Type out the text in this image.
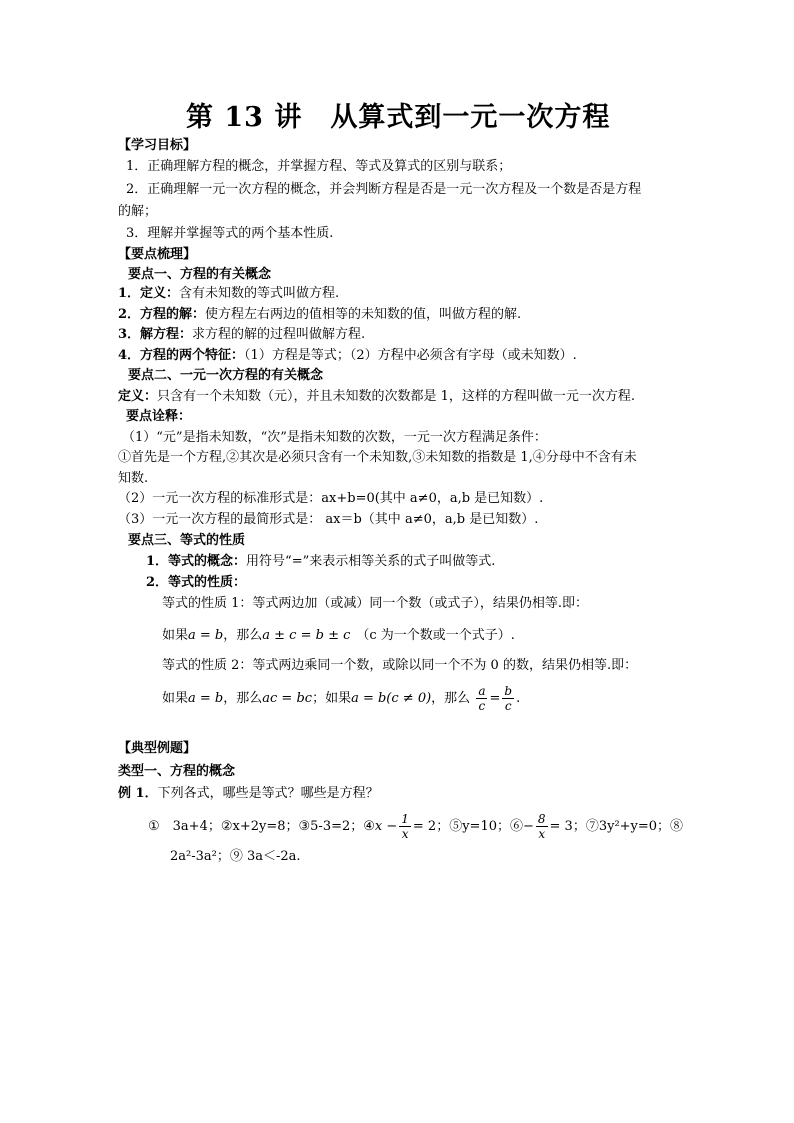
第 13 讲　从算式到一元一次方程
【学习目标】
1．正确理解方程的概念，并掌握方程、等式及算式的区别与联系；
2．正确理解一元一次方程的概念，并会判断方程是否是一元一次方程及一个数是否是方程
的解；
3．理解并掌握等式的两个基本性质.
【要点梳理】
要点一、方程的有关概念
1．定义：含有未知数的等式叫做方程.
2．方程的解：使方程左右两边的值相等的未知数的值，叫做方程的解.
3．解方程：求方程的解的过程叫做解方程.
4．方程的两个特征：（1）方程是等式；（2）方程中必须含有字母（或未知数）.
要点二、一元一次方程的有关概念
定义：只含有一个未知数（元），并且未知数的次数都是 1，这样的方程叫做一元一次方程.
要点诠释：
（1）“元”是指未知数，“次”是指未知数的次数，一元一次方程满足条件：
①首先是一个方程,②其次是必须只含有一个未知数,③未知数的指数是 1,④分母中不含有未
知数.
（2）一元一次方程的标准形式是：ax+b=0(其中 a≠0，a,b 是已知数）.
（3）一元一次方程的最简形式是： ax＝b（其中 a≠0，a,b 是已知数）.
要点三、等式的性质
1．等式的概念：用符号“=”来表示相等关系的式子叫做等式.
2．等式的性质：
等式的性质 1：等式两边加（或减）同一个数（或式子），结果仍相等.即：
如果a = b，那么a ± c = b ± c （c 为一个数或一个式子）.
等式的性质 2：等式两边乘同一个数，或除以同一个不为 0 的数，结果仍相等.即：
如果a = b，那么ac = bc；如果a = b(c ≠ 0)，那么 $\frac{a}{c} = \frac{b}{c}$ .
【典型例题】
类型一、方程的概念
例 1．下列各式，哪些是等式？哪些是方程？
①　3a+4；②x+2y=8；③5-3=2；④x − $\frac{1}{x} = 2$；⑤y=10；⑥− $\frac{8}{x} = 3$；⑦3y²+y=0；⑧
2a²-3a²；⑨ 3a＜-2a.
